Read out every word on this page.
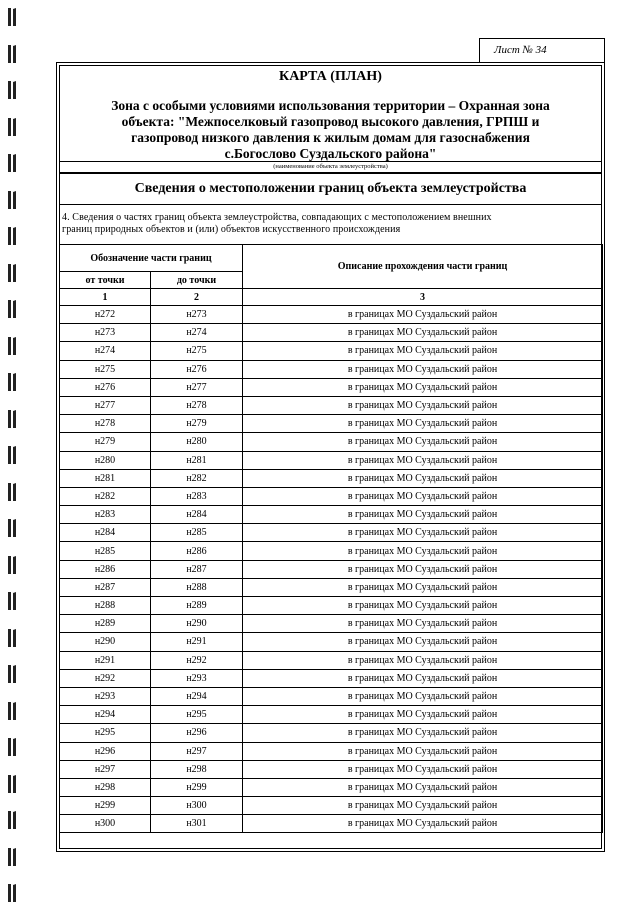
Лист № 34
КАРТА (ПЛАН)
Зона с особыми условиями использования территории – Охранная зона
объекта: "Межпоселковый газопровод высокого давления, ГРПШ и
газопровод низкого давления к жилым домам для газоснабжения
с.Богослово Суздальского района"
(наименование объекта землеустройства)
Сведения о местоположении границ объекта землеустройства
4. Сведения о частях границ объекта землеустройства, совпадающих с местоположением внешних
границ природных объектов и (или) объектов искусственного происхождения
Обозначение части границ		Описание прохождения части границ
от точки	до точки	
1	2	3
н272	н273	в границах МО Суздальский район
н273	н274	в границах МО Суздальский район
н274	н275	в границах МО Суздальский район
н275	н276	в границах МО Суздальский район
н276	н277	в границах МО Суздальский район
н277	н278	в границах МО Суздальский район
н278	н279	в границах МО Суздальский район
н279	н280	в границах МО Суздальский район
н280	н281	в границах МО Суздальский район
н281	н282	в границах МО Суздальский район
н282	н283	в границах МО Суздальский район
н283	н284	в границах МО Суздальский район
н284	н285	в границах МО Суздальский район
н285	н286	в границах МО Суздальский район
н286	н287	в границах МО Суздальский район
н287	н288	в границах МО Суздальский район
н288	н289	в границах МО Суздальский район
н289	н290	в границах МО Суздальский район
н290	н291	в границах МО Суздальский район
н291	н292	в границах МО Суздальский район
н292	н293	в границах МО Суздальский район
н293	н294	в границах МО Суздальский район
н294	н295	в границах МО Суздальский район
н295	н296	в границах МО Суздальский район
н296	н297	в границах МО Суздальский район
н297	н298	в границах МО Суздальский район
н298	н299	в границах МО Суздальский район
н299	н300	в границах МО Суздальский район
н300	н301	в границах МО Суздальский район
